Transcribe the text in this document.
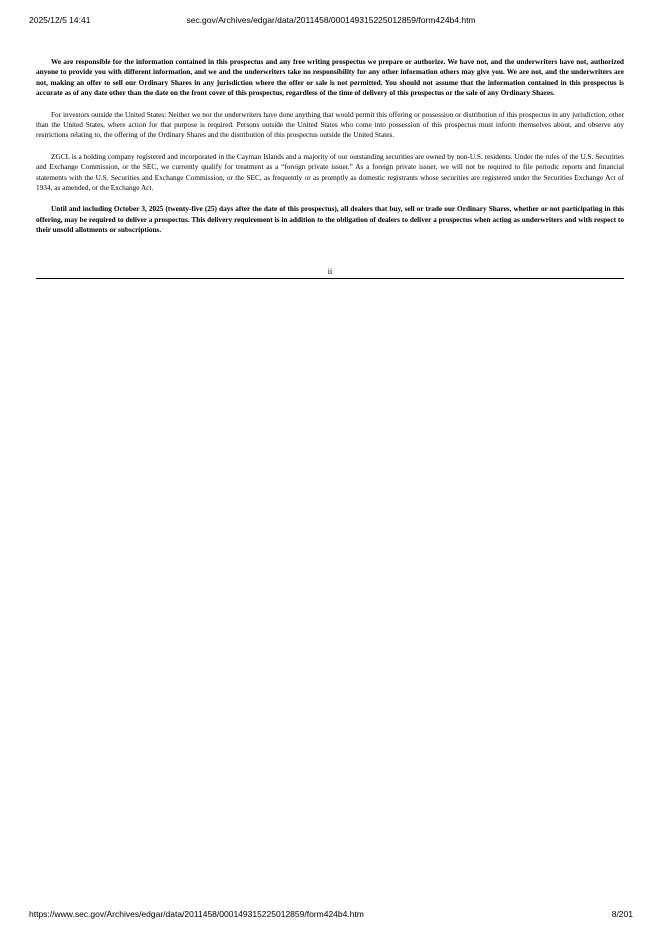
2025/12/5 14:41	sec.gov/Archives/edgar/data/2011458/000149315225012859/form424b4.htm

We are responsible for the information contained in this prospectus and any free writing prospectus we prepare or authorize. We have not, and the underwriters have not, authorized anyone to provide you with different information, and we and the underwriters take no responsibility for any other information others may give you. We are not, and the underwriters are not, making an offer to sell our Ordinary Shares in any jurisdiction where the offer or sale is not permitted. You should not assume that the information contained in this prospectus is accurate as of any date other than the date on the front cover of this prospectus, regardless of the time of delivery of this prospectus or the sale of any Ordinary Shares.

For investors outside the United States: Neither we nor the underwriters have done anything that would permit this offering or possession or distribution of this prospectus in any jurisdiction, other than the United States, where action for that purpose is required. Persons outside the United States who come into possession of this prospectus must inform themselves about, and observe any restrictions relating to, the offering of the Ordinary Shares and the distribution of this prospectus outside the United States.

ZGCL is a holding company registered and incorporated in the Cayman Islands and a majority of our outstanding securities are owned by non-U.S. residents. Under the rules of the U.S. Securities and Exchange Commission, or the SEC, we currently qualify for treatment as a “foreign private issuer.” As a foreign private issuer, we will not be required to file periodic reports and financial statements with the U.S. Securities and Exchange Commission, or the SEC, as frequently or as promptly as domestic registrants whose securities are registered under the Securities Exchange Act of 1934, as amended, or the Exchange Act.

Until and including October 3, 2025 (twenty-five (25) days after the date of this prospectus), all dealers that buy, sell or trade our Ordinary Shares, whether or not participating in this offering, may be required to deliver a prospectus. This delivery requirement is in addition to the obligation of dealers to deliver a prospectus when acting as underwriters and with respect to their unsold allotments or subscriptions.

ii
https://www.sec.gov/Archives/edgar/data/2011458/000149315225012859/form424b4.htm	8/201
